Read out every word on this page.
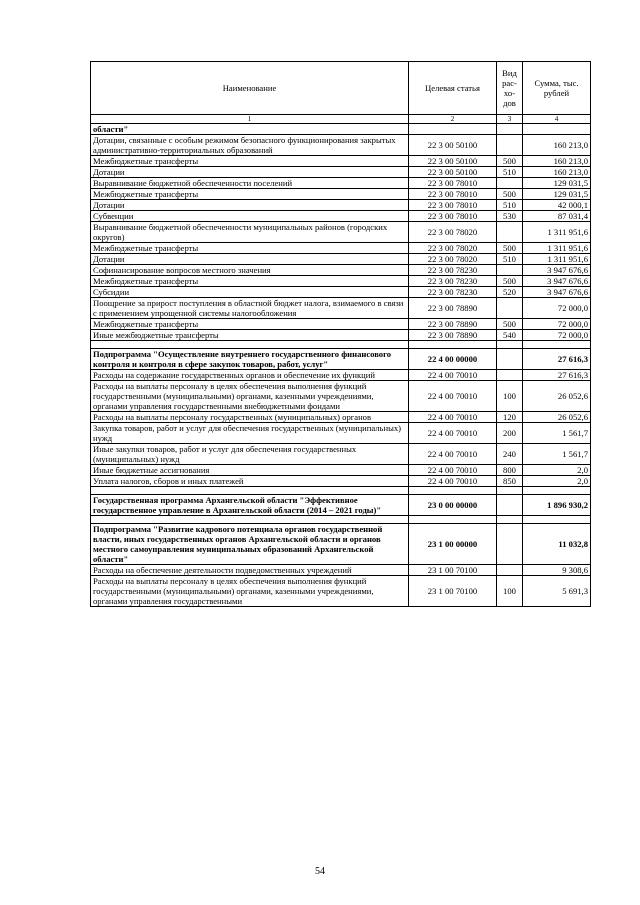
Наименование	Целевая статья	Вид рас- хо- дов	Сумма, тыс. рублей
1	2	3	4
области"			
Дотации, связанные с особым режимом безопасного функционирования закрытых административно-территориальных образований	22 3 00 50100		160 213,0
Межбюджетные трансферты	22 3 00 50100	500	160 213,0
Дотации	22 3 00 50100	510	160 213,0
Выравнивание бюджетной обеспеченности поселений	22 3 00 78010		129 031,5
Межбюджетные трансферты	22 3 00 78010	500	129 031,5
Дотации	22 3 00 78010	510	42 000,1
Субвенции	22 3 00 78010	530	87 031,4
Выравнивание бюджетной обеспеченности муниципальных районов (городских округов)	22 3 00 78020		1 311 951,6
Межбюджетные трансферты	22 3 00 78020	500	1 311 951,6
Дотации	22 3 00 78020	510	1 311 951,6
Софинансирование вопросов местного значения	22 3 00 78230		3 947 676,6
Межбюджетные трансферты	22 3 00 78230	500	3 947 676,6
Субсидии	22 3 00 78230	520	3 947 676,6
Поощрение за прирост поступления в областной бюджет налога, взимаемого в связи с применением упрощенной системы налогообложения	22 3 00 78890		72 000,0
Межбюджетные трансферты	22 3 00 78890	500	72 000,0
Иные межбюджетные трансферты	22 3 00 78890	540	72 000,0

Подпрограмма "Осуществление внутреннего государственного финансового контроля и контроля в сфере закупок товаров, работ, услуг"	22 4 00 00000		27 616,3
Расходы на содержание государственных органов и обеспечение их функций	22 4 00 70010		27 616,3
Расходы на выплаты персоналу в целях обеспечения выполнения функций государственными (муниципальными) органами, казенными учреждениями, органами управления государственными внебюджетными фондами	22 4 00 70010	100	26 052,6
Расходы на выплаты персоналу государственных (муниципальных) органов	22 4 00 70010	120	26 052,6
Закупка товаров, работ и услуг для обеспечения государственных (муниципальных) нужд	22 4 00 70010	200	1 561,7
Иные закупки товаров, работ и услуг для обеспечения государственных (муниципальных) нужд	22 4 00 70010	240	1 561,7
Иные бюджетные ассигнования	22 4 00 70010	800	2,0
Уплата налогов, сборов и иных платежей	22 4 00 70010	850	2,0

Государственная программа Архангельской области "Эффективное государственное управление в Архангельской области (2014 – 2021 годы)"	23 0 00 00000		1 896 930,2

Подпрограмма "Развитие кадрового потенциала органов государственной власти, иных государственных органов Архангельской области и органов местного самоуправления муниципальных образований Архангельской области"	23 1 00 00000		11 032,8
Расходы на обеспечение деятельности подведомственных учреждений	23 1 00 70100		9 308,6
Расходы на выплаты персоналу в целях обеспечения выполнения функций государственными (муниципальными) органами, казенными учреждениями, органами управления государственными	23 1 00 70100	100	5 691,3
54
